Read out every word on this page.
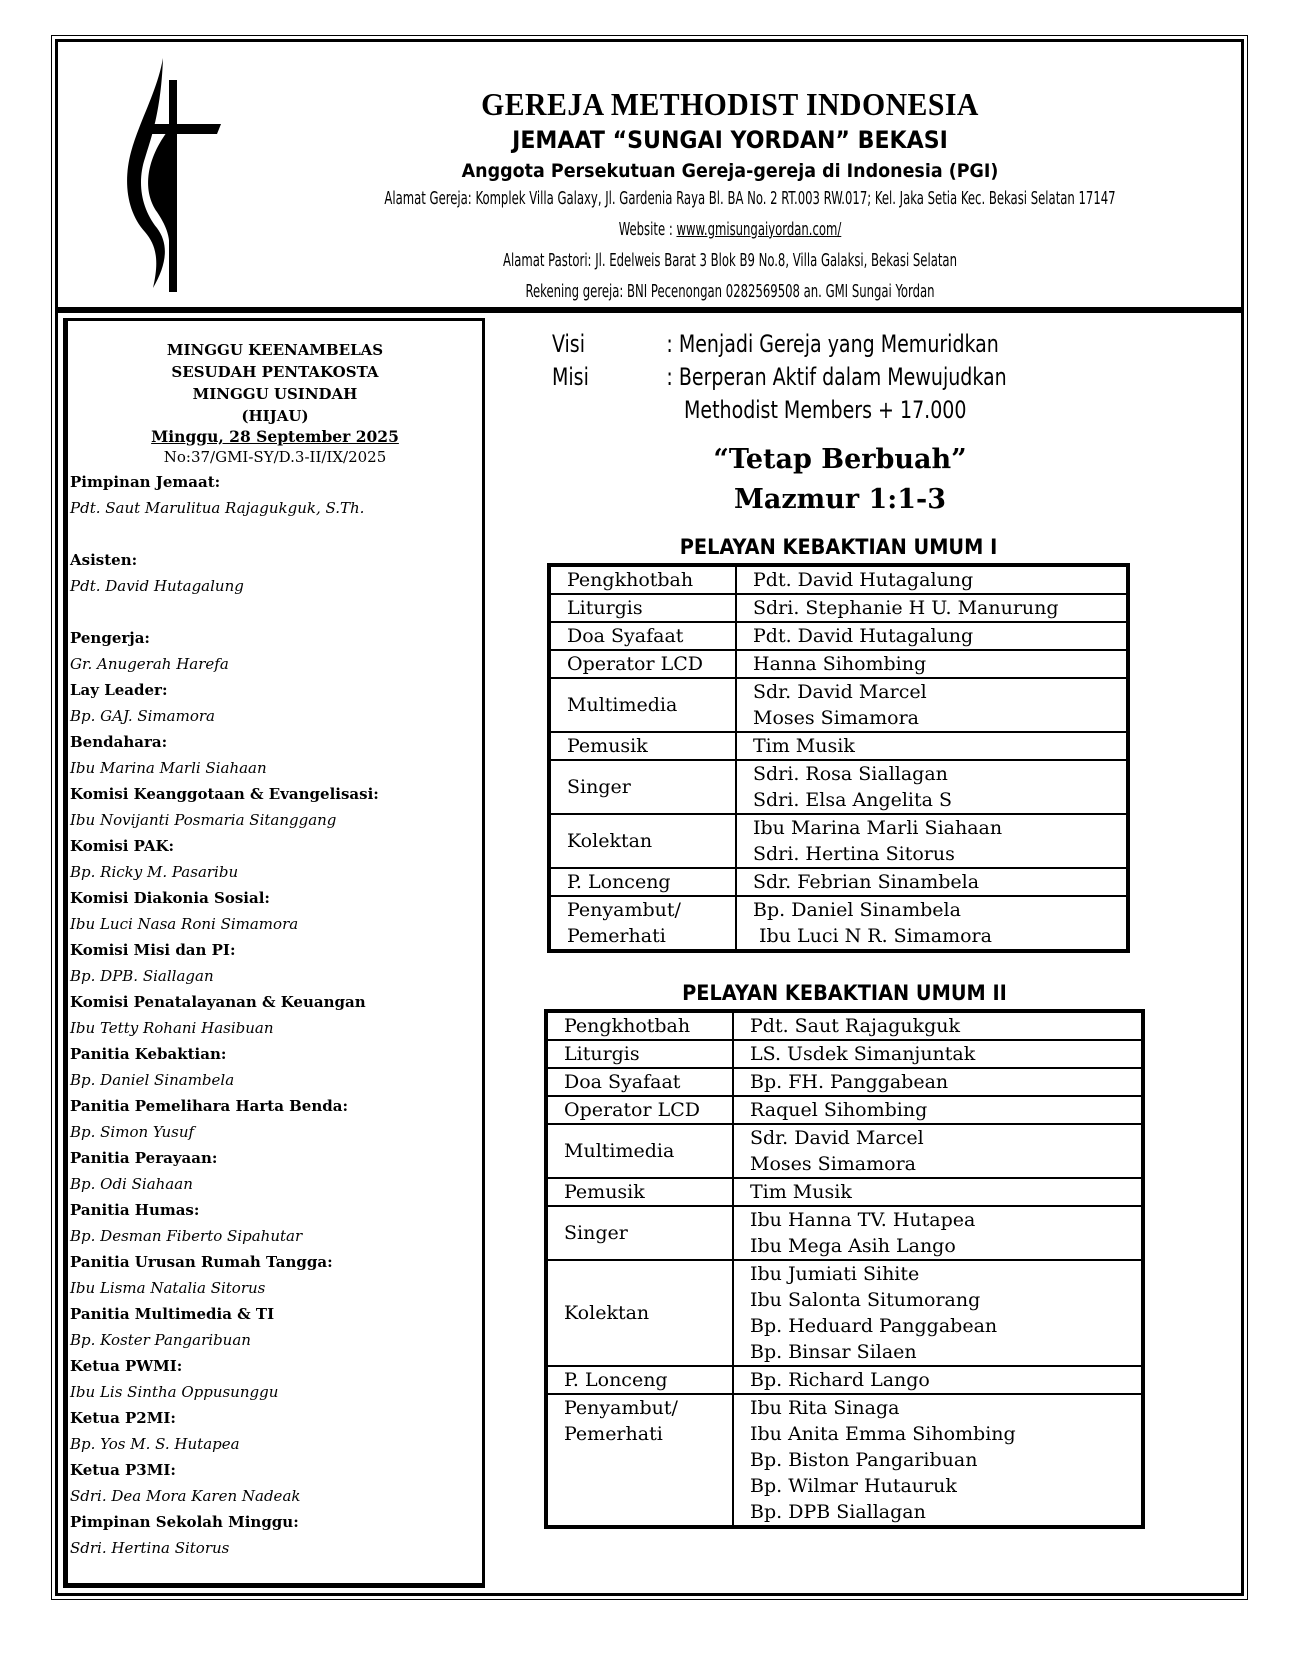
GEREJA METHODIST INDONESIA
JEMAAT “SUNGAI YORDAN” BEKASI
Anggota Persekutuan Gereja-gereja di Indonesia (PGI)
Alamat Gereja: Komplek Villa Galaxy, Jl. Gardenia Raya Bl. BA No. 2 RT.003 RW.017; Kel. Jaka Setia Kec. Bekasi Selatan 17147
Website : www.gmisungaiyordan.com/
Alamat Pastori: Jl. Edelweis Barat 3 Blok B9 No.8, Villa Galaksi, Bekasi Selatan
Rekening gereja: BNI Pecenongan 0282569508 an. GMI Sungai Yordan
MINGGU KEENAMBELAS
SESUDAH PENTAKOSTA
MINGGU USINDAH
(HIJAU)
Minggu, 28 September 2025
No:37/GMI-SY/D.3-II/IX/2025
Pimpinan Jemaat:
Pdt. Saut Marulitua Rajagukguk, S.Th.
Asisten:
Pdt. David Hutagalung
Pengerja:
Gr. Anugerah Harefa
Lay Leader:
Bp. GAJ. Simamora
Bendahara:
Ibu Marina Marli Siahaan
Komisi Keanggotaan & Evangelisasi:
Ibu Novijanti Posmaria Sitanggang
Komisi PAK:
Bp. Ricky M. Pasaribu
Komisi Diakonia Sosial:
Ibu Luci Nasa Roni Simamora
Komisi Misi dan PI:
Bp. DPB. Siallagan
Komisi Penatalayanan & Keuangan
Ibu Tetty Rohani Hasibuan
Panitia Kebaktian:
Bp. Daniel Sinambela
Panitia Pemelihara Harta Benda:
Bp. Simon Yusuf
Panitia Perayaan:
Bp. Odi Siahaan
Panitia Humas:
Bp. Desman Fiberto Sipahutar
Panitia Urusan Rumah Tangga:
Ibu Lisma Natalia Sitorus
Panitia Multimedia & TI
Bp. Koster Pangaribuan
Ketua PWMI:
Ibu Lis Sintha Oppusunggu
Ketua P2MI:
Bp. Yos M. S. Hutapea
Ketua P3MI:
Sdri. Dea Mora Karen Nadeak
Pimpinan Sekolah Minggu:
Sdri. Hertina Sitorus
Visi	: Menjadi Gereja yang Memuridkan
Misi	: Berperan Aktif dalam Mewujudkan
Methodist Members + 17.000
“Tetap Berbuah”
Mazmur 1:1-3
PELAYAN KEBAKTIAN UMUM I
Pengkhotbah	Pdt. David Hutagalung

Liturgis	Sdri. Stephanie H U. Manurung

Doa Syafaat	Pdt. David Hutagalung

Operator LCD	Hanna Sihombing

Multimedia	Sdr. David Marcel
Moses Simamora

Pemusik	Tim Musik

Singer	Sdri. Rosa Siallagan
Sdri. Elsa Angelita S

Kolektan	Ibu Marina Marli Siahaan
Sdri. Hertina Sitorus

P. Lonceng	Sdr. Febrian Sinambela

Penyambut/
Pemerhati	Bp. Daniel Sinambela
Ibu Luci N R. Simamora
PELAYAN KEBAKTIAN UMUM II
Pengkhotbah	Pdt. Saut Rajagukguk

Liturgis	LS. Usdek Simanjuntak

Doa Syafaat	Bp. FH. Panggabean

Operator LCD	Raquel Sihombing

Multimedia	Sdr. David Marcel
Moses Simamora

Pemusik	Tim Musik

Singer	Ibu Hanna TV. Hutapea
Ibu Mega Asih Lango

Kolektan	Ibu Jumiati Sihite
Ibu Salonta Situmorang
Bp. Heduard Panggabean
Bp. Binsar Silaen

P. Lonceng	Bp. Richard Lango

Penyambut/
Pemerhati	Ibu Rita Sinaga
Ibu Anita Emma Sihombing
Bp. Biston Pangaribuan
Bp. Wilmar Hutauruk
Bp. DPB Siallagan
